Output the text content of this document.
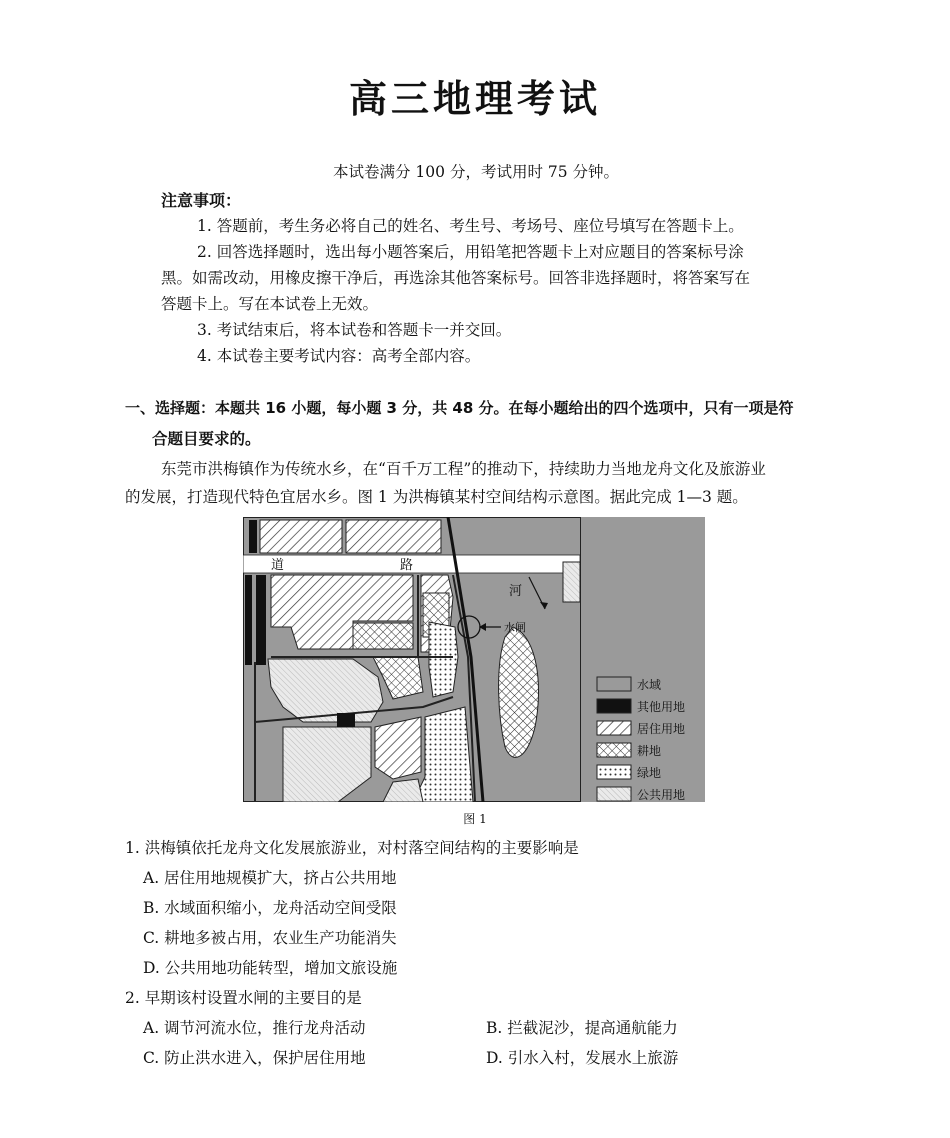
高三地理考试
本试卷满分 100 分，考试用时 75 分钟。
注意事项：
1. 答题前，考生务必将自己的姓名、考生号、考场号、座位号填写在答题卡上。
2. 回答选择题时，选出每小题答案后，用铅笔把答题卡上对应题目的答案标号涂
黑。如需改动，用橡皮擦干净后，再选涂其他答案标号。回答非选择题时，将答案写在
答题卡上。写在本试卷上无效。
3. 考试结束后，将本试卷和答题卡一并交回。
4. 本试卷主要考试内容：高考全部内容。
一、选择题：本题共 16 小题，每小题 3 分，共 48 分。在每小题给出的四个选项中，只有一项是符
合题目要求的。
东莞市洪梅镇作为传统水乡，在“百千万工程”的推动下，持续助力当地龙舟文化及旅游业
的发展，打造现代特色宜居水乡。图 1 为洪梅镇某村空间结构示意图。据此完成 1—3 题。
道	路
河
水闸
水域
其他用地
居住用地
耕地
绿地
公共用地
图 1
1. 洪梅镇依托龙舟文化发展旅游业，对村落空间结构的主要影响是
A. 居住用地规模扩大，挤占公共用地
B. 水域面积缩小，龙舟活动空间受限
C. 耕地多被占用，农业生产功能消失
D. 公共用地功能转型，增加文旅设施
2. 早期该村设置水闸的主要目的是
A. 调节河流水位，推行龙舟活动	B. 拦截泥沙，提高通航能力
C. 防止洪水进入，保护居住用地	D. 引水入村，发展水上旅游
